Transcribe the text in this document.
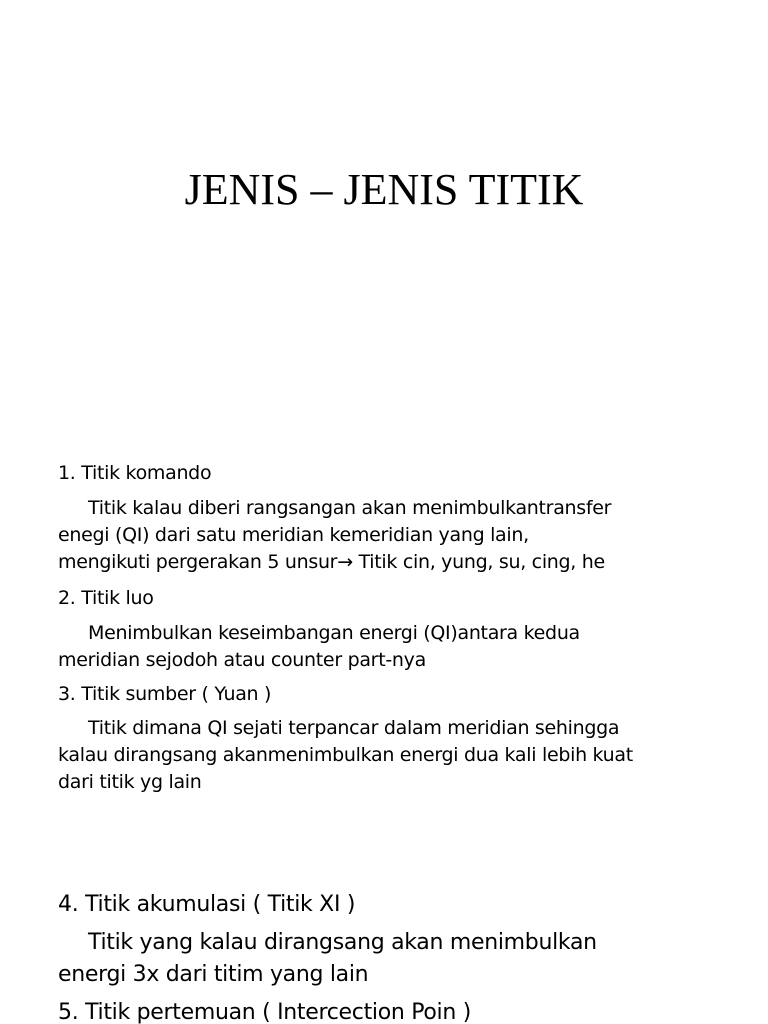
JENIS – JENIS TITIK
1. Titik komando
Titik kalau diberi rangsangan akan menimbulkantransfer
enegi (QI) dari satu meridian kemeridian yang lain,
mengikuti pergerakan 5 unsur→ Titik cin, yung, su, cing, he
2. Titik luo
Menimbulkan keseimbangan energi (QI)antara kedua
meridian sejodoh atau counter part-nya
3. Titik sumber ( Yuan )
Titik dimana QI sejati terpancar dalam meridian sehingga
kalau dirangsang akanmenimbulkan energi dua kali lebih kuat
dari titik yg lain
4. Titik akumulasi ( Titik XI )
Titik yang kalau dirangsang akan menimbulkan
energi 3x dari titim yang lain
5. Titik pertemuan ( Intercection Poin )
